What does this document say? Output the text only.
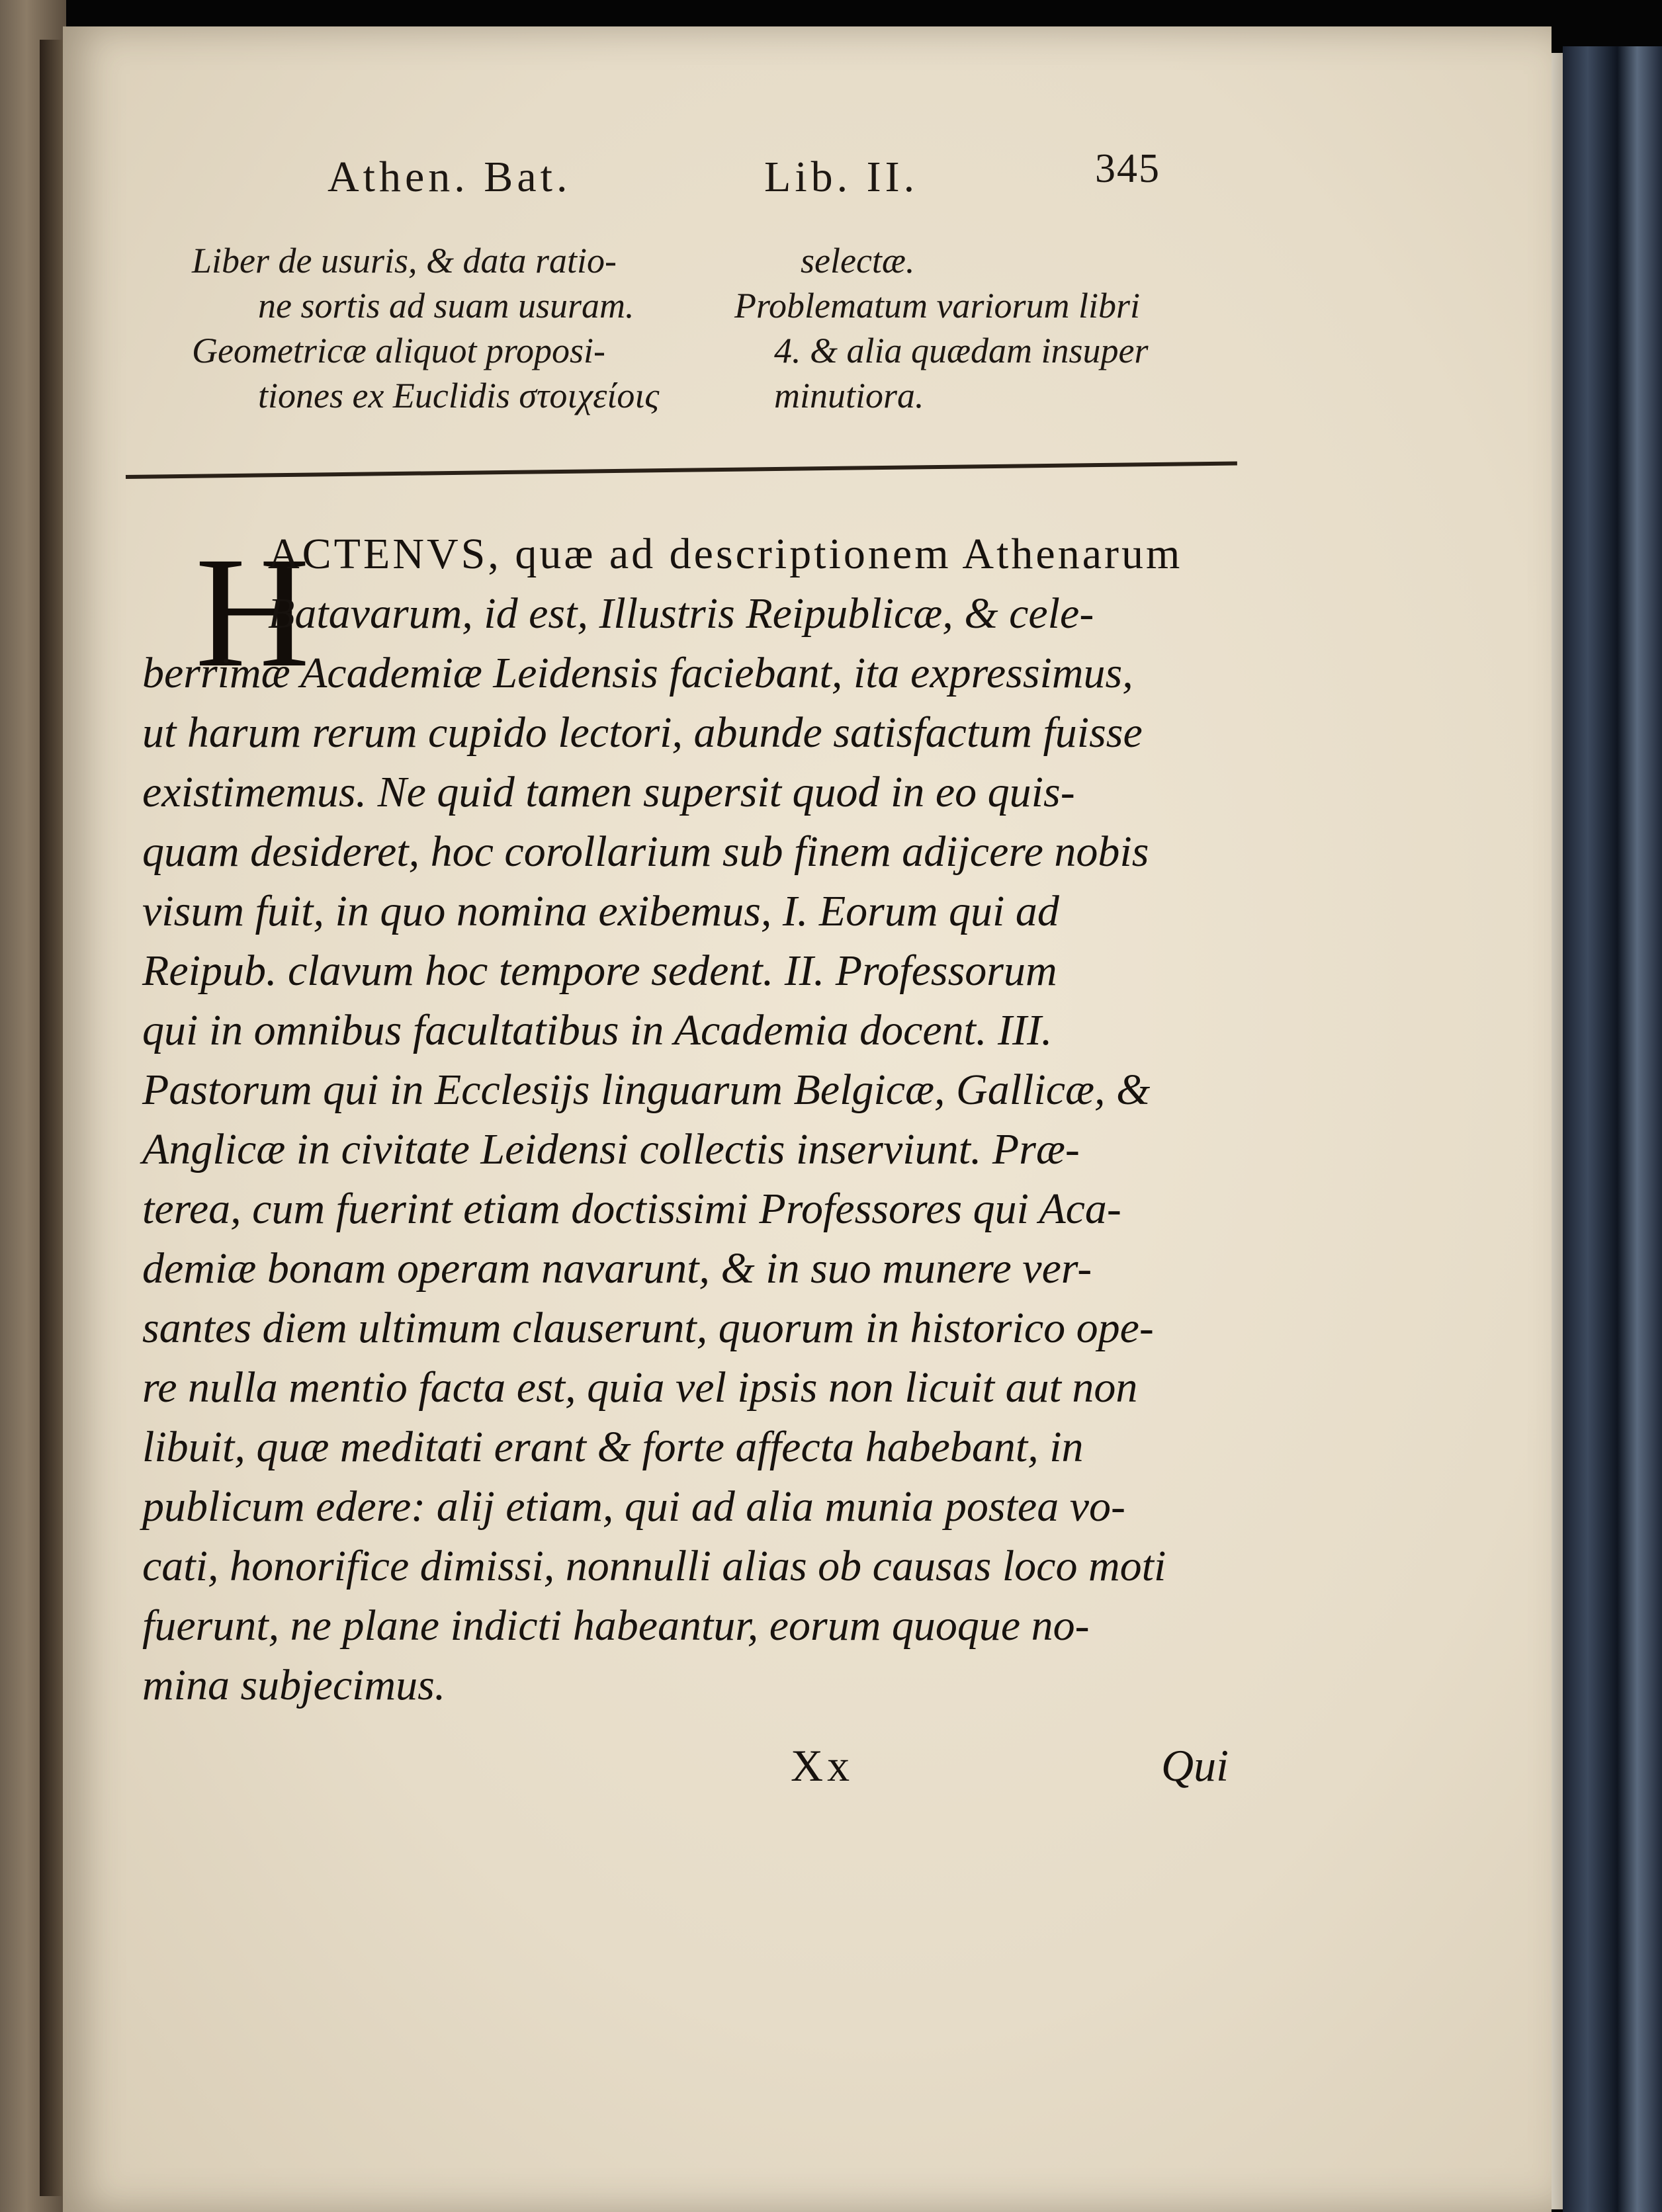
Athen. Bat.	Lib. II.	345
Liber de usuris, & data ratio-
ne sortis ad suam usuram.
Geometricæ aliquot proposi-
tiones ex Euclidis στοιχείοις
selectæ.
Problematum variorum libri
4. & alia quædam insuper
minutiora.
H
ACTENVS, quæ ad descriptionem Athenarum
Batavarum, id est, Illustris Reipublicæ, & cele-
berrimæ Academiæ Leidensis faciebant, ita expressimus,
ut harum rerum cupido lectori, abunde satisfactum fuisse
existimemus. Ne quid tamen supersit quod in eo quis-
quam desideret, hoc corollarium sub finem adijcere nobis
visum fuit, in quo nomina exibemus, I. Eorum qui ad
Reipub. clavum hoc tempore sedent. II. Professorum
qui in omnibus facultatibus in Academia docent. III.
Pastorum qui in Ecclesijs linguarum Belgicæ, Gallicæ, &
Anglicæ in civitate Leidensi collectis inserviunt. Præ-
terea, cum fuerint etiam doctissimi Professores qui Aca-
demiæ bonam operam navarunt, & in suo munere ver-
santes diem ultimum clauserunt, quorum in historico ope-
re nulla mentio facta est, quia vel ipsis non licuit aut non
libuit, quæ meditati erant & forte affecta habebant, in
publicum edere: alij etiam, qui ad alia munia postea vo-
cati, honorifice dimissi, nonnulli alias ob causas loco moti
fuerunt, ne plane indicti habeantur, eorum quoque no-
mina subjecimus.
Xx	Qui
